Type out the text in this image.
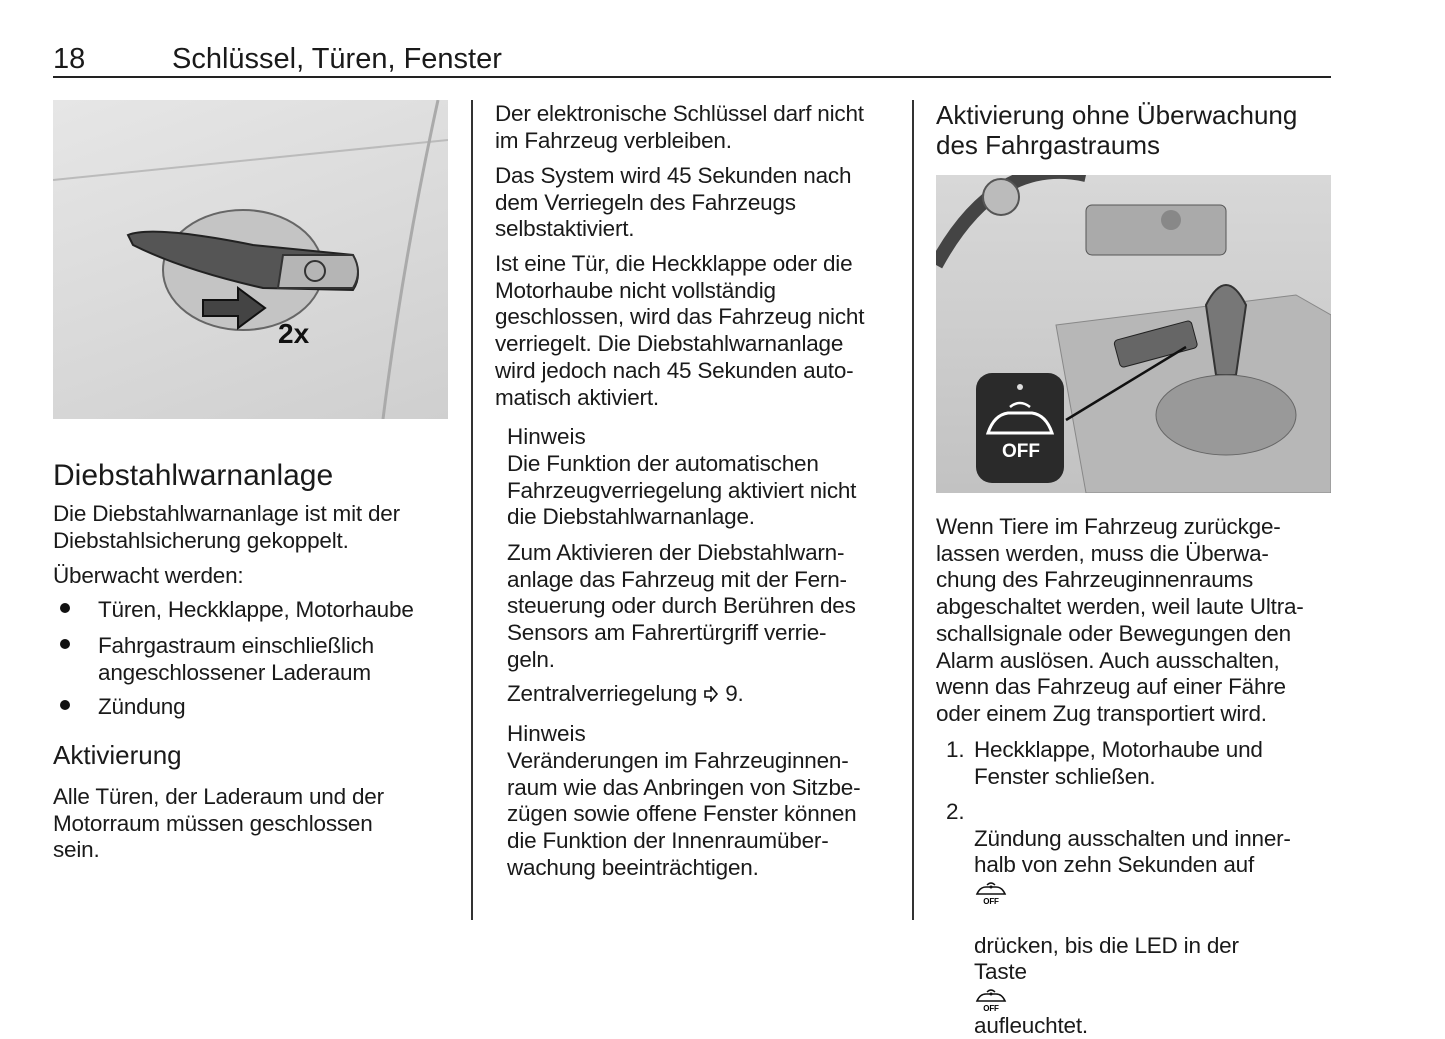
18	Schlüssel, Türen, Fenster
2x
Diebstahlwarnanlage
Die Diebstahlwarnanlage ist mit der
Diebstahlsicherung gekoppelt.
Überwacht werden:
Türen, Heckklappe, Motorhaube
Fahrgastraum einschließlich
angeschlossener Laderaum
Zündung
Aktivierung
Alle Türen, der Laderaum und der
Motorraum müssen geschlossen
sein.
Der elektronische Schlüssel darf nicht
im Fahrzeug verbleiben.
Das System wird 45 Sekunden nach
dem Verriegeln des Fahrzeugs
selbstaktiviert.
Ist eine Tür, die Heckklappe oder die
Motorhaube nicht vollständig
geschlossen, wird das Fahrzeug nicht
verriegelt. Die Diebstahlwarnanlage
wird jedoch nach 45 Sekunden auto-
matisch aktiviert.
Hinweis
Die Funktion der automatischen
Fahrzeugverriegelung aktiviert nicht
die Diebstahlwarnanlage.
Zum Aktivieren der Diebstahlwarn-
anlage das Fahrzeug mit der Fern-
steuerung oder durch Berühren des
Sensors am Fahrertürgriff verrie-
geln.
Zentralverriegelung 9.
Hinweis
Veränderungen im Fahrzeuginnen-
raum wie das Anbringen von Sitzbe-
zügen sowie offene Fenster können
die Funktion der Innenraumüber-
wachung beeinträchtigen.
Aktivierung ohne Überwachung
des Fahrgastraums
OFF
Wenn Tiere im Fahrzeug zurückge-
lassen werden, muss die Überwa-
chung des Fahrzeuginnenraums
abgeschaltet werden, weil laute Ultra-
schallsignale oder Bewegungen den
Alarm auslösen. Auch ausschalten,
wenn das Fahrzeug auf einer Fähre
oder einem Zug transportiert wird.
1. Heckklappe, Motorhaube und
Fenster schließen.
2.

Zündung ausschalten und inner-
halb von zehn Sekunden auf

OFF

drücken, bis die LED in der
Taste

OFF

aufleuchtet.
